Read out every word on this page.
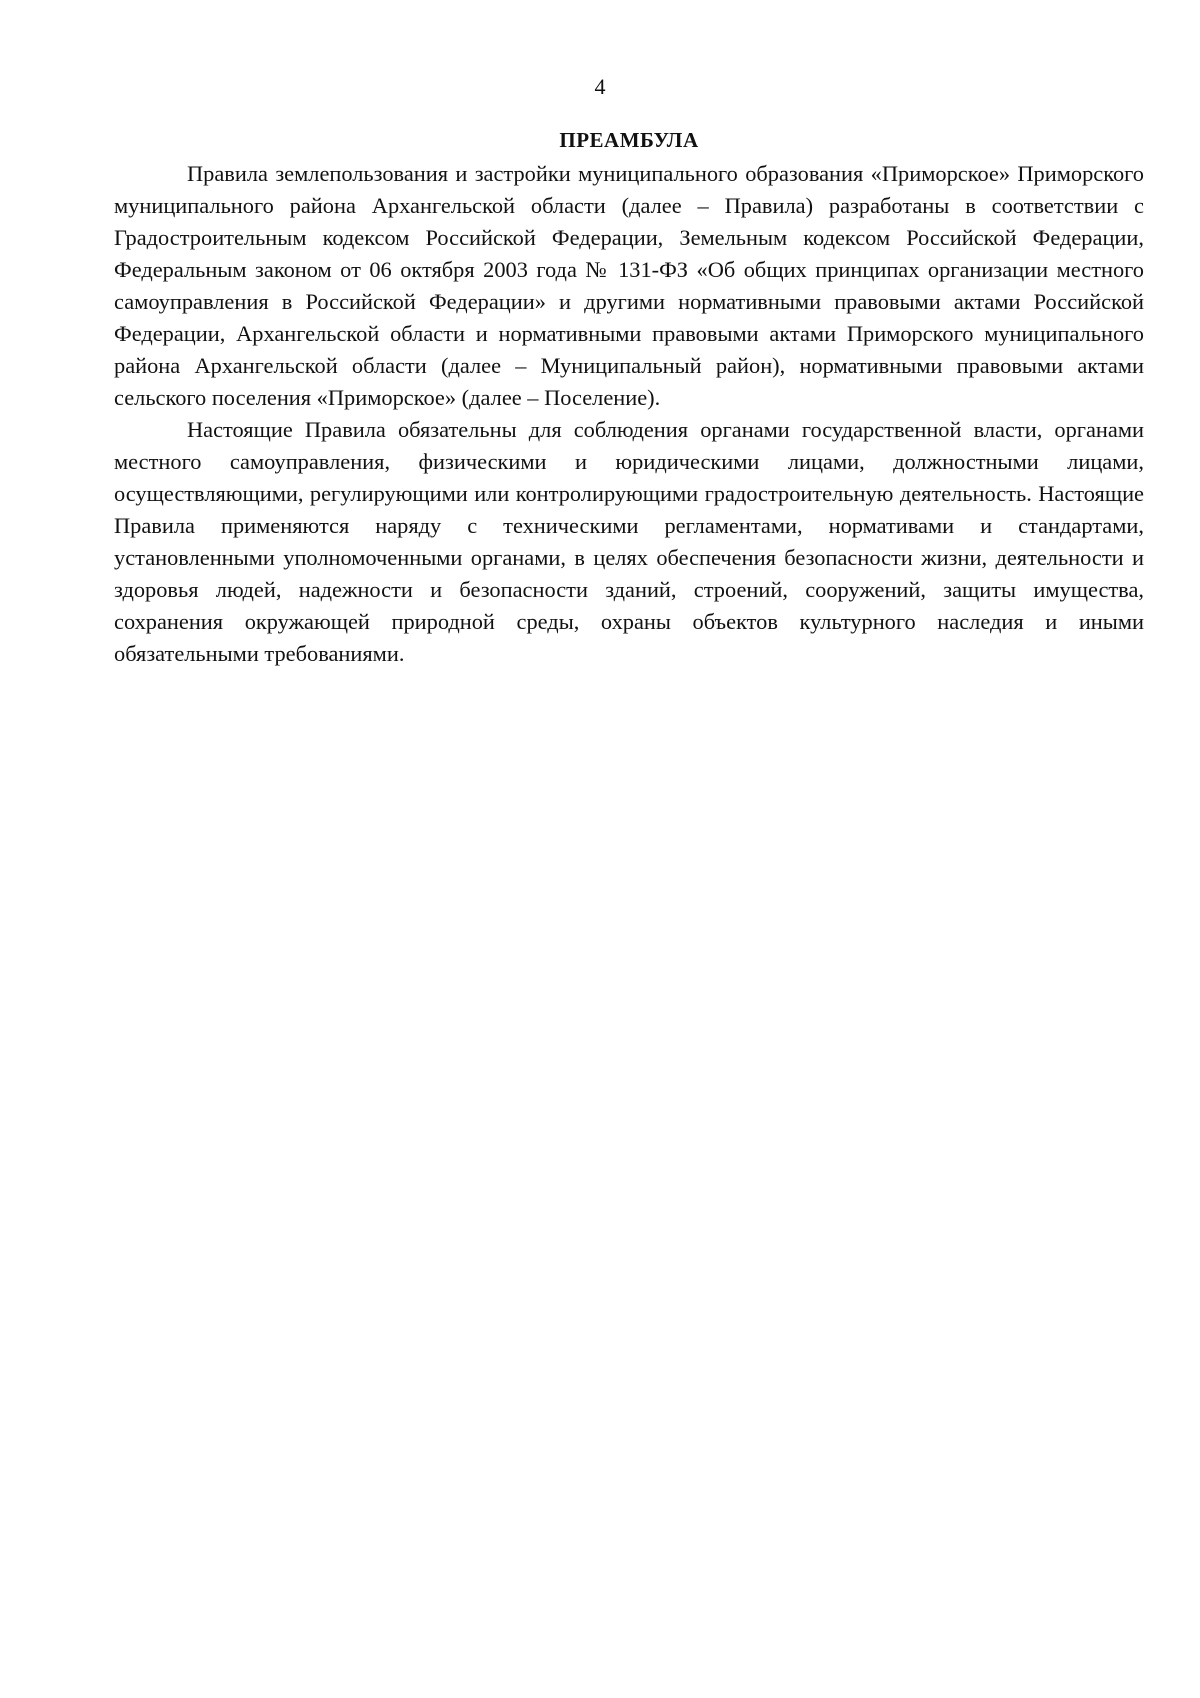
4
ПРЕАМБУЛА

Правила землепользования и застройки муниципального образования «Приморское» Приморского муниципального района Архангельской области (далее – Правила) разработаны в соответствии с Градостроительным кодексом Российской Федерации, Земельным кодексом Российской Федерации, Федеральным законом от 06 октября 2003 года № 131-ФЗ «Об общих принципах организации местного самоуправления в Российской Федерации» и другими нормативными правовыми актами Российской Федерации, Архангельской области и нормативными правовыми актами Приморского муниципального района Архангельской области (далее – Муниципальный район), нормативными правовыми актами сельского поселения «Приморское» (далее – Поселение).

Настоящие Правила обязательны для соблюдения органами государственной власти, органами местного самоуправления, физическими и юридическими лицами, должностными лицами, осуществляющими, регулирующими или контролирующими градостроительную деятельность. Настоящие Правила применяются наряду с техническими регламентами, нормативами и стандартами, установленными уполномоченными органами, в целях обеспечения безопасности жизни, деятельности и здоровья людей, надежности и безопасности зданий, строений, сооружений, защиты имущества, сохранения окружающей природной среды, охраны объектов культурного наследия и иными обязательными требованиями.
